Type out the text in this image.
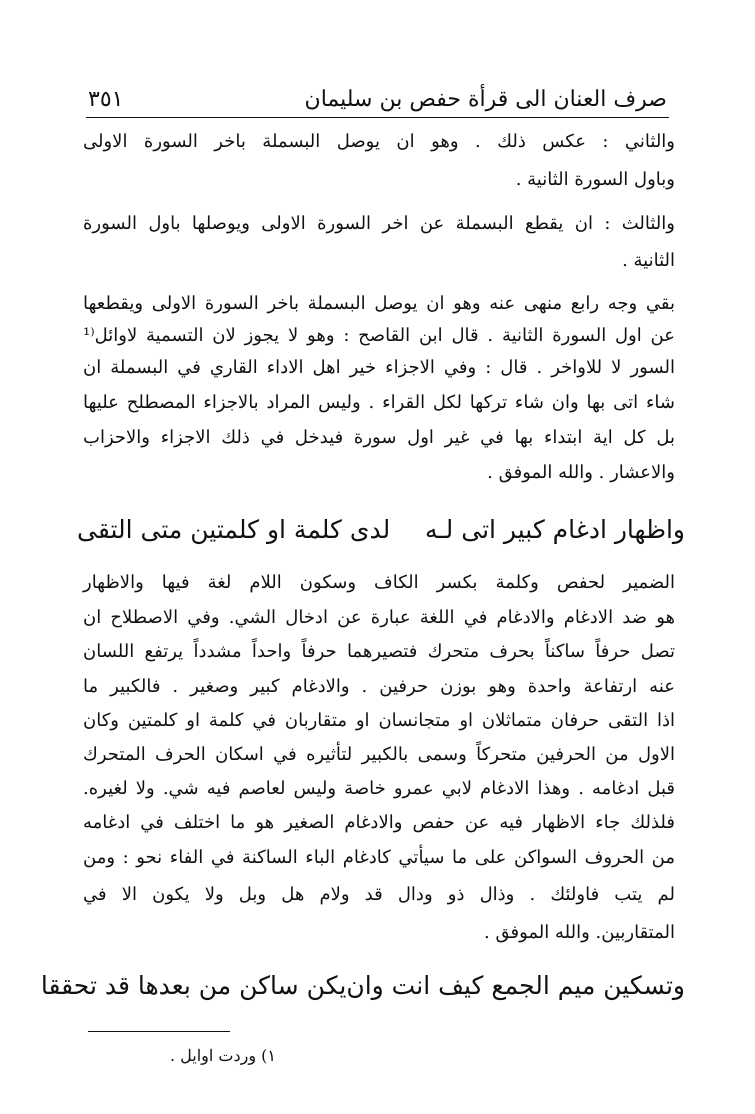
صرف العنان الى قرأة حفص بن سليمان
٣٥١
والثاني : عكس ذلك . وهو ان يوصل البسملة باخر السورة الاولى
وباول السورة الثانية .
والثالث : ان يقطع البسملة عن اخر السورة الاولى ويوصلها باول السورة
الثانية .
بقي وجه رابع منهى عنه وهو ان يوصل البسملة باخر السورة الاولى ويقطعها
عن اول السورة الثانية . قال ابن القاصح : وهو لا يجوز لان التسمية لاوائل⁽¹
السور لا للاواخر . قال : وفي الاجزاء خير اهل الاداء القاري في البسملة ان
شاء اتى بها وان شاء تركها لكل القراء . وليس المراد بالاجزاء المصطلح عليها
بل كل اية ابتداء بها في غير اول سورة فيدخل في ذلك الاجزاء والاحزاب
والاعشار . والله الموفق .
واظهار ادغام كبير اتى لـه
لدى كلمة او كلمتين متى التقى
الضمير لحفص وكلمة بكسر الكاف وسكون اللام لغة فيها والاظهار
هو ضد الادغام والادغام في اللغة عبارة عن ادخال الشي. وفي الاصطلاح ان
تصل حرفاً ساكناً بحرف متحرك فتصيرهما حرفاً واحداً مشدداً يرتفع اللسان
عنه ارتفاعة واحدة وهو بوزن حرفين . والادغام كبير وصغير . فالكبير ما
اذا التقى حرفان متماثلان او متجانسان او متقاربان في كلمة او كلمتين وكان
الاول من الحرفين متحركاً وسمى بالكبير لتأثيره في اسكان الحرف المتحرك
قبل ادغامه . وهذا الادغام لابي عمرو خاصة وليس لعاصم فيه شي. ولا لغيره.
فلذلك جاء الاظهار فيه عن حفص والادغام الصغير هو ما اختلف في ادغامه
من الحروف السواكن على ما سيأتي كادغام الباء الساكنة في الفاء نحو : ومن
لم يتب فاولئك . وذال ذو ودال قد ولام هل وبل ولا يكون الا في
المتقاربين. والله الموفق .
وتسكين ميم الجمع كيف انت وان
يكن ساكن من بعدها قد تحققا
١) وردت اوايل .
